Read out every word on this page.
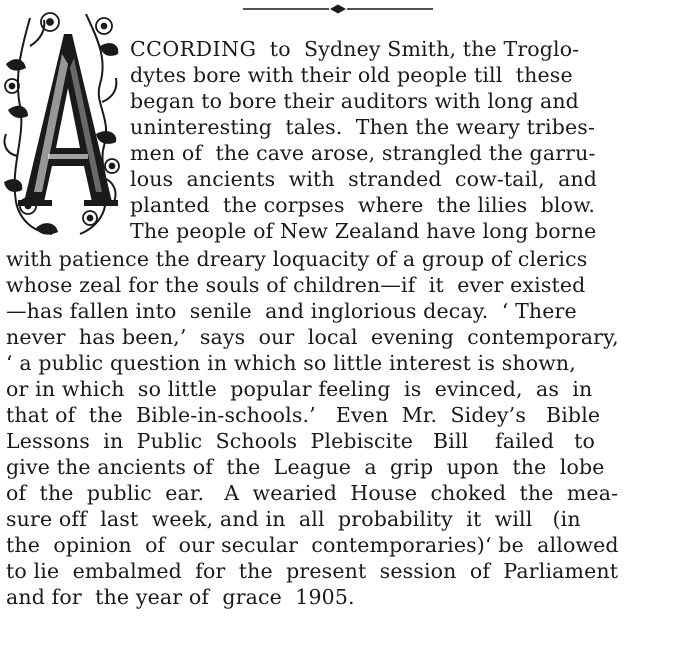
CCORDING  to  Sydney Smith, the Troglo-
dytes bore with their old people till  these
began to bore their auditors with long and
uninteresting  tales.  Then the weary tribes-
men of  the cave arose, strangled the garru-
lous  ancients  with  stranded  cow-tail,  and
planted  the corpses  where  the lilies  blow.
The people of New Zealand have long borne
with patience the dreary loquacity of a group of clerics
whose zeal for the souls of children—if  it  ever existed
—has fallen into  senile  and inglorious decay.  ‘ There
never  has been,’  says  our  local  evening  contemporary,
‘ a public question in which so little interest is shown,
or in which  so little  popular feeling  is  evinced,  as  in
that of  the  Bible-in-schools.’   Even  Mr.  Sidey’s   Bible
Lessons  in  Public  Schools  Plebiscite   Bill    failed   to
give the ancients of  the  League  a  grip  upon  the  lobe
of  the  public  ear.   A  wearied  House  choked  the  mea-
sure off  last  week, and in  all  probability  it  will   (in
the  opinion  of  our secular  contemporaries)‘ be  allowed
to lie  embalmed  for  the  present  session  of  Parliament
and for  the year of  grace  1905.
